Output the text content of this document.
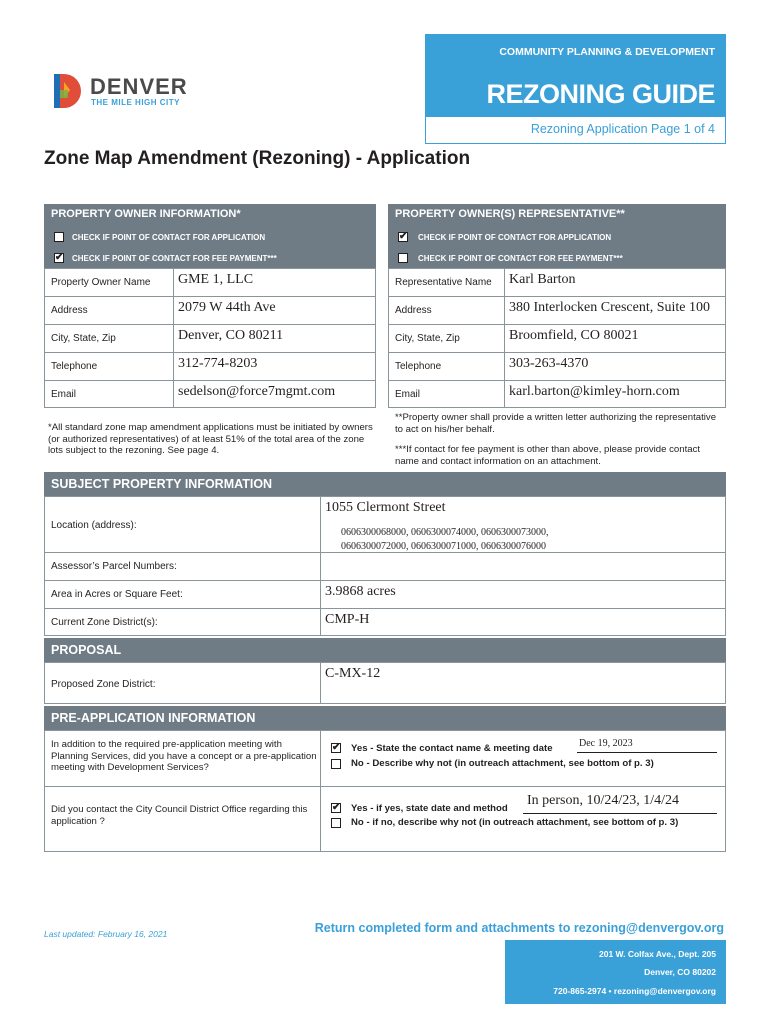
DENVER
THE MILE HIGH CITY
COMMUNITY PLANNING & DEVELOPMENT
REZONING GUIDE
Rezoning Application Page 1 of 4
Zone Map Amendment (Rezoning) - Application
PROPERTY OWNER INFORMATION*
CHECK IF POINT OF CONTACT FOR APPLICATION
✔ CHECK IF POINT OF CONTACT FOR FEE PAYMENT***
PROPERTY OWNER(S) REPRESENTATIVE**
✔ CHECK IF POINT OF CONTACT FOR APPLICATION
CHECK IF POINT OF CONTACT FOR FEE PAYMENT***
Property Owner Name GME 1, LLC
Address	2079 W 44th Ave
City, State, Zip	Denver, CO 80211
Telephone	312-774-8203
Email	sedelson@force7mgmt.com
Representative Name Karl Barton
Address	380 Interlocken Crescent, Suite 100
City, State, Zip	Broomfield, CO 80021
Telephone	303-263-4370
Email	karl.barton@kimley-horn.com
*All standard zone map amendment applications must be initiated by owners (or authorized representatives) of at least 51% of the total area of the zone lots subject to the rezoning. See page 4.
**Property owner shall provide a written letter authorizing the representative to act on his/her behalf.
***If contact for fee payment is other than above, please provide contact name and contact information on an attachment.
SUBJECT PROPERTY INFORMATION
Location (address):
1055 Clermont Street
0606300068000, 0606300074000, 0606300073000,
0606300072000, 0606300071000, 0606300076000
Assessor’s Parcel Numbers:
Area in Acres or Square Feet:	3.9868 acres
Current Zone District(s):	CMP-H
PROPOSAL
Proposed Zone District:
C-MX-12
PRE-APPLICATION INFORMATION
In addition to the required pre-application meeting with Planning Services, did you have a concept or a pre-application meeting with Development Services?
✔ Yes - State the contact name & meeting date	Dec 19, 2023
No - Describe why not (in outreach attachment, see bottom of p. 3)
Did you contact the City Council District Office regarding this application ?
✔ Yes - if yes, state date and method
In person, 10/24/23, 1/4/24
No - if no, describe why not (in outreach attachment, see bottom of p. 3)
Last updated: February 16, 2021	Return completed form and attachments to rezoning@denvergov.org
201 W. Colfax Ave., Dept. 205
Denver, CO 80202
720-865-2974 • rezoning@denvergov.org
